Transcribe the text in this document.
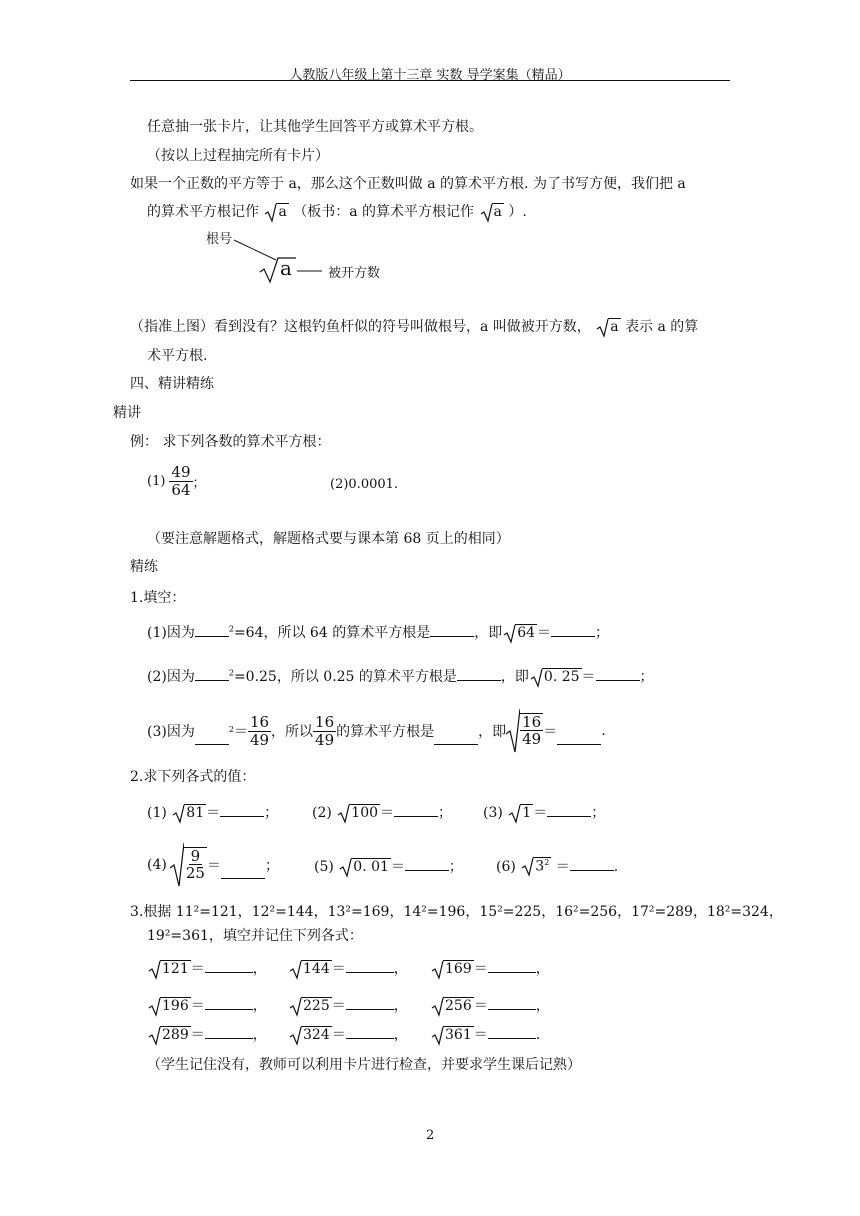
人教版八年级上第十三章 实数 导学案集（精品）
任意抽一张卡片，让其他学生回答平方或算术平方根。
（按以上过程抽完所有卡片）
如果一个正数的平方等于 a，那么这个正数叫做 a 的算术平方根. 为了书写方便，我们把 a
的算术平方根记作 a （板书：a 的算术平方根记作 a ）.
根号
a	被开方数
（指准上图）看到没有？这根钓鱼杆似的符号叫做根号，a 叫做被开方数， a 表示 a 的算
术平方根.
四、精讲精练
精讲
例： 求下列各数的算术平方根：
$(1) \frac{49}{64}$ ；	(2)0.0001.
（要注意解题格式，解题格式要与课本第 68 页上的相同）
精练
1.填空：
(1)因为	$^2$=64，所以 64 的算术平方根是	，即 64 ＝	；
(2)因为	$^2$=0.25，所以 0.25 的算术平方根是	，即 0. 25 ＝	；
(3)因为	$^2 = \frac{16}{49}$ ，所以 $\frac{16}{49}$ 的算术平方根是	，即 $\frac{16}{49}$ ＝	.
2.求下列各式的值：
(1) 81 ＝	； (2) 100 ＝	； (3) 1 ＝	；
$(4) \frac{9}{25}$ ＝	；	(5) 0. 01 ＝	； (6) $3^2$ ＝	.
3.根据 11²=121，12²=144，13²=169，14²=196，15²=225，16²=256，17²=289，18²=324，
19²=361，填空并记住下列各式：
121 ＝	，	144 ＝	，	169 ＝	，
196 ＝	，	225 ＝	，	256 ＝	，
289 ＝	，	324 ＝	，	361 ＝	.
（学生记住没有，教师可以利用卡片进行检查，并要求学生课后记熟）
2
